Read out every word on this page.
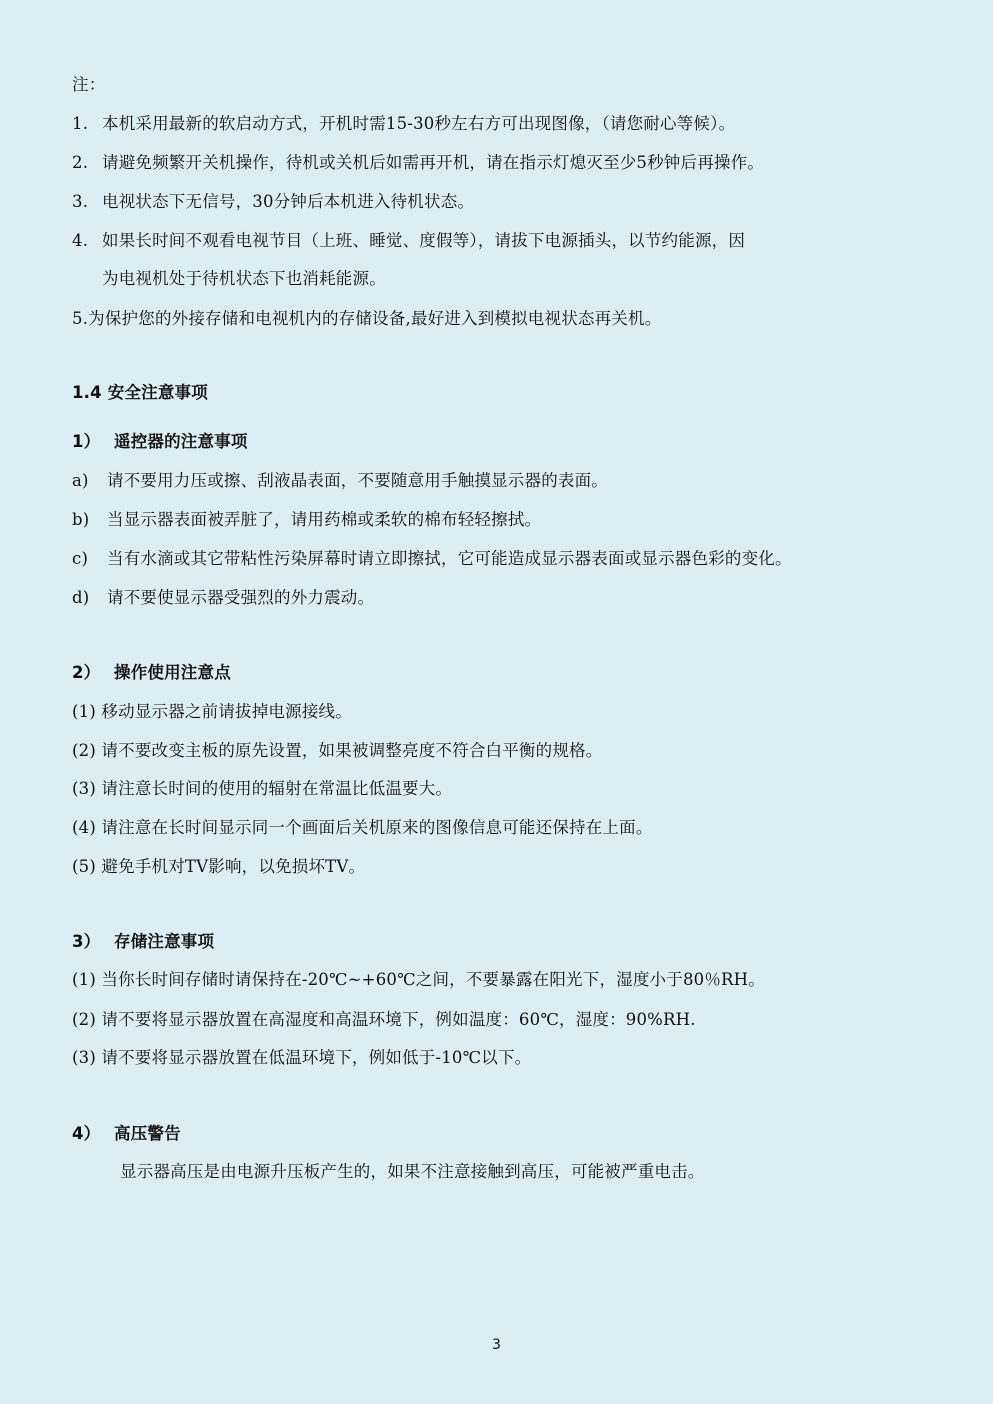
注：
1. 本机采用最新的软启动方式，开机时需15-30秒左右方可出现图像，（请您耐心等候）。
2. 请避免频繁开关机操作，待机或关机后如需再开机，请在指示灯熄灭至少5秒钟后再操作。
3. 电视状态下无信号，30分钟后本机进入待机状态。
4. 如果长时间不观看电视节目（上班、睡觉、度假等），请拔下电源插头，以节约能源，因
为电视机处于待机状态下也消耗能源。
5.为保护您的外接存储和电视机内的存储设备,最好进入到模拟电视状态再关机。
1.4 安全注意事项
1） 遥控器的注意事项
a) 请不要用力压或擦、刮液晶表面，不要随意用手触摸显示器的表面。
b) 当显示器表面被弄脏了，请用药棉或柔软的棉布轻轻擦拭。
c) 当有水滴或其它带粘性污染屏幕时请立即擦拭，它可能造成显示器表面或显示器色彩的变化。
d) 请不要使显示器受强烈的外力震动。
2） 操作使用注意点
(1) 移动显示器之前请拔掉电源接线。
(2) 请不要改变主板的原先设置，如果被调整亮度不符合白平衡的规格。
(3) 请注意长时间的使用的辐射在常温比低温要大。
(4) 请注意在长时间显示同一个画面后关机原来的图像信息可能还保持在上面。
(5) 避免手机对TV影响，以免损坏TV。
3） 存储注意事项
(1) 当你长时间存储时请保持在-20℃~+60℃之间，不要暴露在阳光下，湿度小于80％RH。
(2) 请不要将显示器放置在高湿度和高温环境下，例如温度：60℃，湿度：90%RH.
(3) 请不要将显示器放置在低温环境下，例如低于-10℃以下。
4） 高压警告
显示器高压是由电源升压板产生的，如果不注意接触到高压，可能被严重电击。
3
